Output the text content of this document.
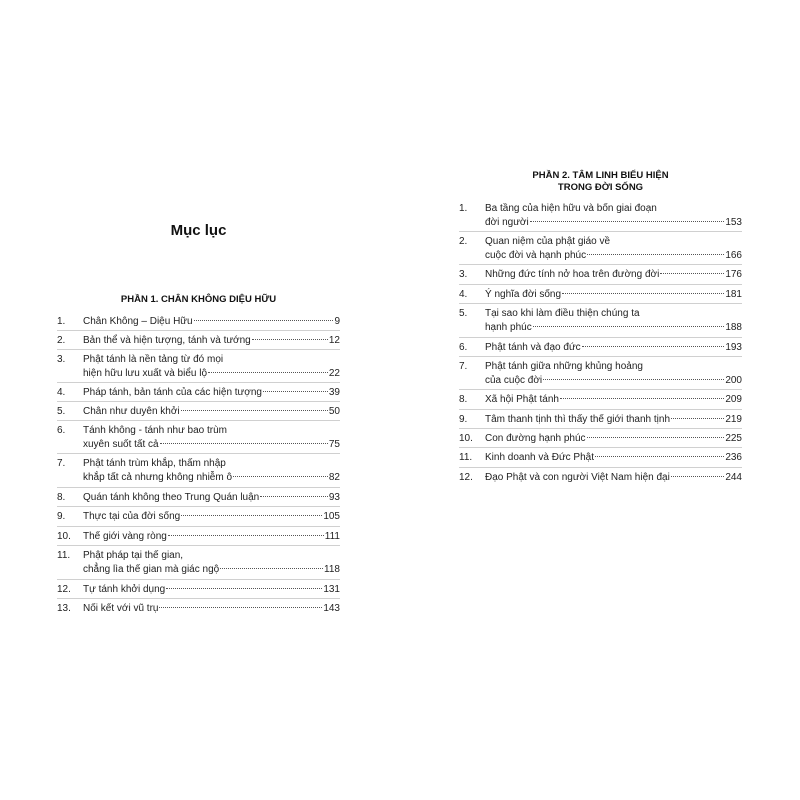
Mục lục
PHẦN 1. CHÂN KHÔNG DIỆU HỮU
PHẦN 2. TÂM LINH BIỂU HIỆN
TRONG ĐỜI SỐNG
1.	Chân Không – Diệu Hữu	9
2.	Bản thể và hiện tượng, tánh và tướng	12
3.	Phật tánh là nền tảng từ đó mọi
hiện hữu lưu xuất và biểu lộ	22
4.	Pháp tánh, bản tánh của các hiện tượng	39
5.	Chân như duyên khởi	50
6.	Tánh không - tánh như bao trùm
xuyên suốt tất cả	75
7.	Phật tánh trùm khắp, thấm nhập
khắp tất cả nhưng không nhiễm ô	82
8.	Quán tánh không theo Trung Quán luận	93
9.	Thực tại của đời sống	105
10.	Thế giới vàng ròng	111
11.	Phật pháp tại thế gian,
chẳng lìa thế gian mà giác ngộ	118
12.	Tự tánh khởi dụng	131
13.	Nối kết với vũ trụ	143
1.	Ba tầng của hiện hữu và bốn giai đoạn
đời người	153
2.	Quan niệm của phật giáo về
cuộc đời và hạnh phúc	166
3.	Những đức tính nở hoa trên đường đời	176
4.	Ý nghĩa đời sống	181
5.	Tại sao khi làm điều thiện chúng ta
hạnh phúc	188
6.	Phật tánh và đạo đức	193
7.	Phật tánh giữa những khủng hoảng
của cuộc đời	200
8.	Xã hội Phật tánh	209
9.	Tâm thanh tịnh thì thấy thế giới thanh tịnh	219
10.	Con đường hạnh phúc	225
11.	Kinh doanh và Đức Phật	236
12.	Đạo Phật và con người Việt Nam hiện đại	244
